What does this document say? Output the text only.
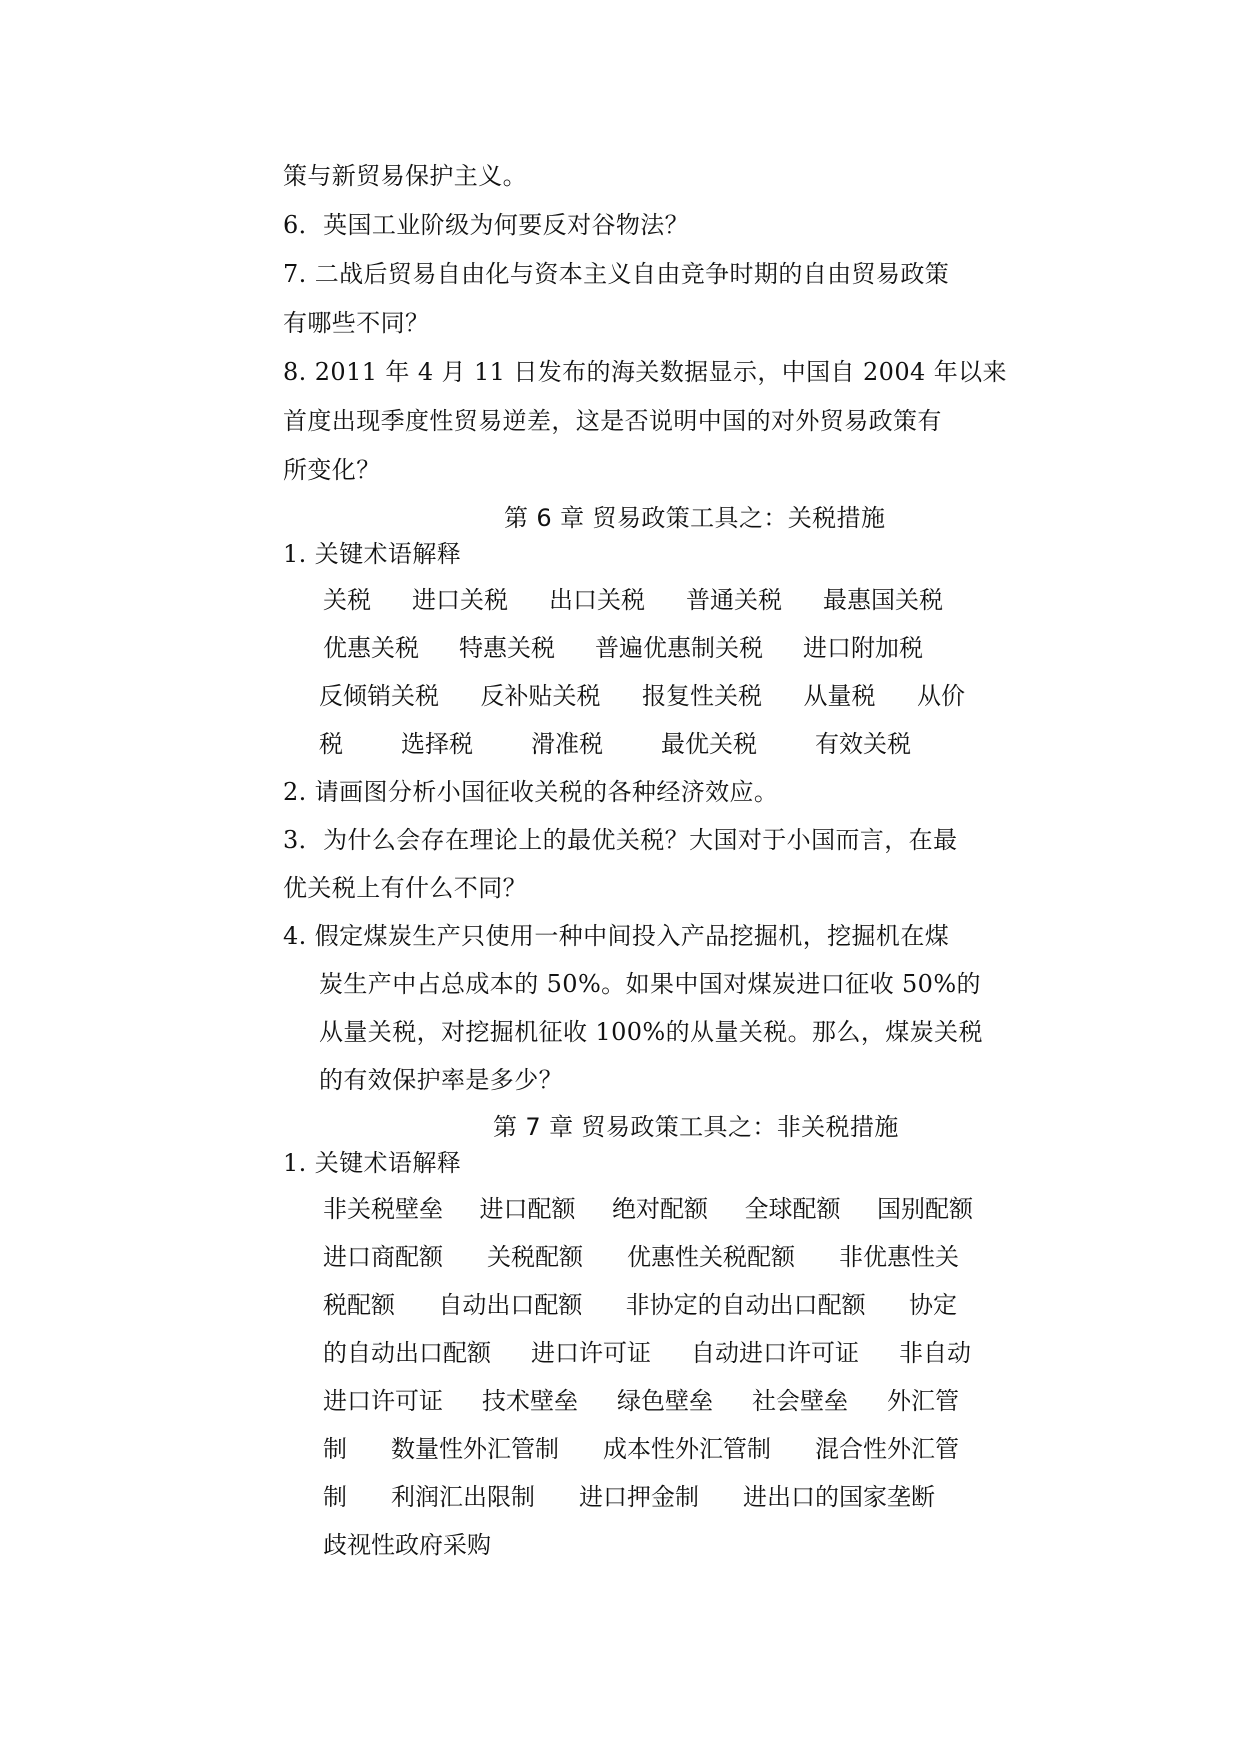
策与新贸易保护主义。
6．英国工业阶级为何要反对谷物法？
7. 二战后贸易自由化与资本主义自由竞争时期的自由贸易政策
有哪些不同？
8. 2011 年 4 月 11 日发布的海关数据显示，中国自 2004 年以来
首度出现季度性贸易逆差，这是否说明中国的对外贸易政策有
所变化？
第 6 章 贸易政策工具之：关税措施
1. 关键术语解释
关税 进口关税 出口关税 普通关税 最惠国关税
优惠关税 特惠关税 普遍优惠制关税 进口附加税
反倾销关税 反补贴关税 报复性关税 从量税 从价
税 选择税 滑准税 最优关税 有效关税
2. 请画图分析小国征收关税的各种经济效应。
3．为什么会存在理论上的最优关税？大国对于小国而言，在最
优关税上有什么不同？
4. 假定煤炭生产只使用一种中间投入产品挖掘机，挖掘机在煤
炭生产中占总成本的 50%。如果中国对煤炭进口征收 50%的
从量关税，对挖掘机征收 100%的从量关税。那么，煤炭关税
的有效保护率是多少？
第 7 章 贸易政策工具之：非关税措施
1. 关键术语解释
非关税壁垒 进口配额 绝对配额 全球配额 国别配额
进口商配额 关税配额 优惠性关税配额 非优惠性关
税配额 自动出口配额 非协定的自动出口配额 协定
的自动出口配额 进口许可证 自动进口许可证 非自动
进口许可证 技术壁垒 绿色壁垒 社会壁垒 外汇管
制 数量性外汇管制 成本性外汇管制 混合性外汇管
制 利润汇出限制 进口押金制 进出口的国家垄断
歧视性政府采购
